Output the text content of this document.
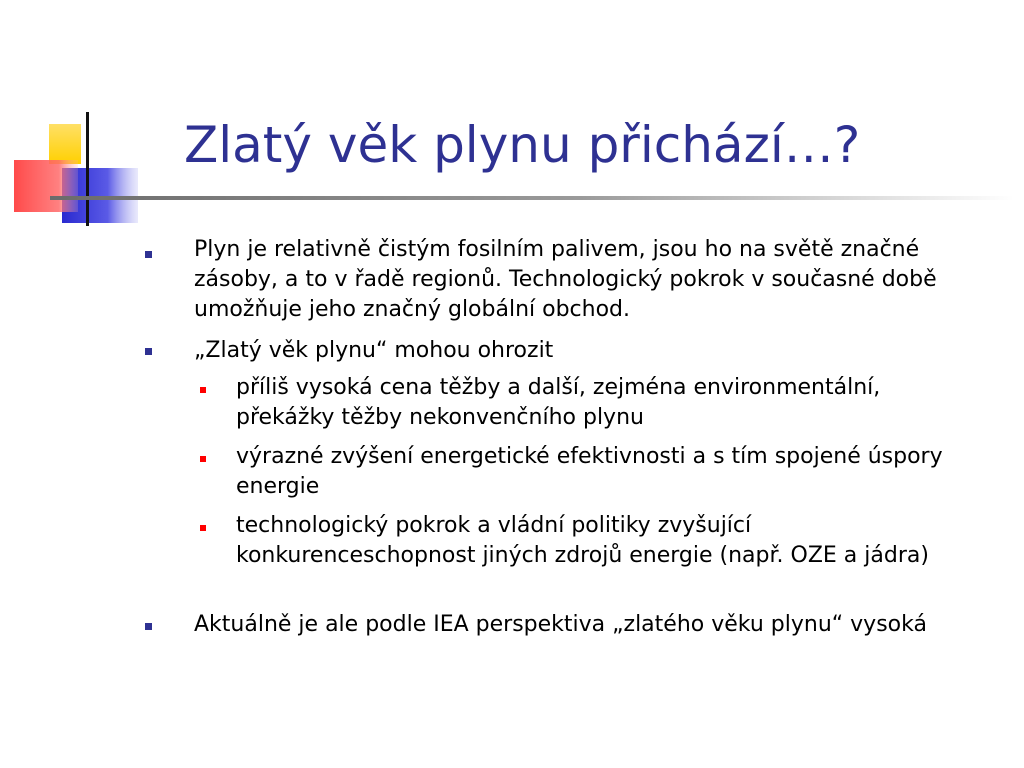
Zlatý věk plynu přichází…?
Plyn je relativně čistým fosilním palivem, jsou ho na světě značné zásoby, a to v řadě regionů. Technologický pokrok v současné době umožňuje jeho značný globální obchod.
„Zlatý věk plynu“ mohou ohrozit
příliš vysoká cena těžby a další, zejména environmentální, překážky těžby nekonvenčního plynu
výrazné zvýšení energetické efektivnosti a s tím spojené úspory energie
technologický pokrok a vládní politiky zvyšující konkurenceschopnost jiných zdrojů energie (např. OZE a jádra)
Aktuálně je ale podle IEA perspektiva „zlatého věku plynu“ vysoká
